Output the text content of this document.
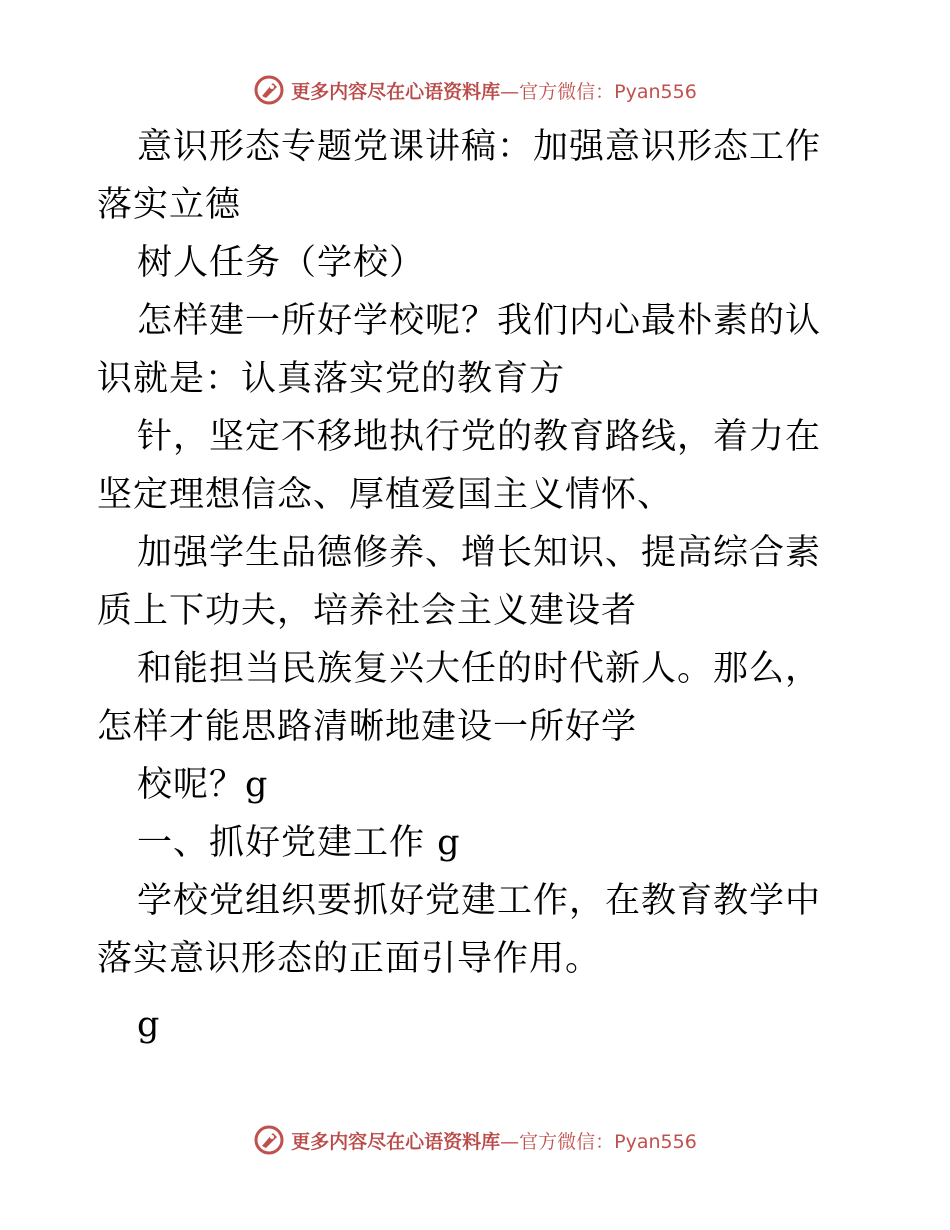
更多内容尽在心语资料库—官方微信：Pyan556

意识形态专题党课讲稿：加强意识形态工作落实立德

树人任务（学校）

怎样建一所好学校呢？我们内心最朴素的认识就是：认真落实党的教育方

针，坚定不移地执行党的教育路线，着力在坚定理想信念、厚植爱国主义情怀、

加强学生品德修养、增长知识、提高综合素质上下功夫，培养社会主义建设者

和能担当民族复兴大任的时代新人。那么，怎样才能思路清晰地建设一所好学

校呢？g

一、抓好党建工作 g

学校党组织要抓好党建工作，在教育教学中落实意识形态的正面引导作用。

g

更多内容尽在心语资料库—官方微信：Pyan556
